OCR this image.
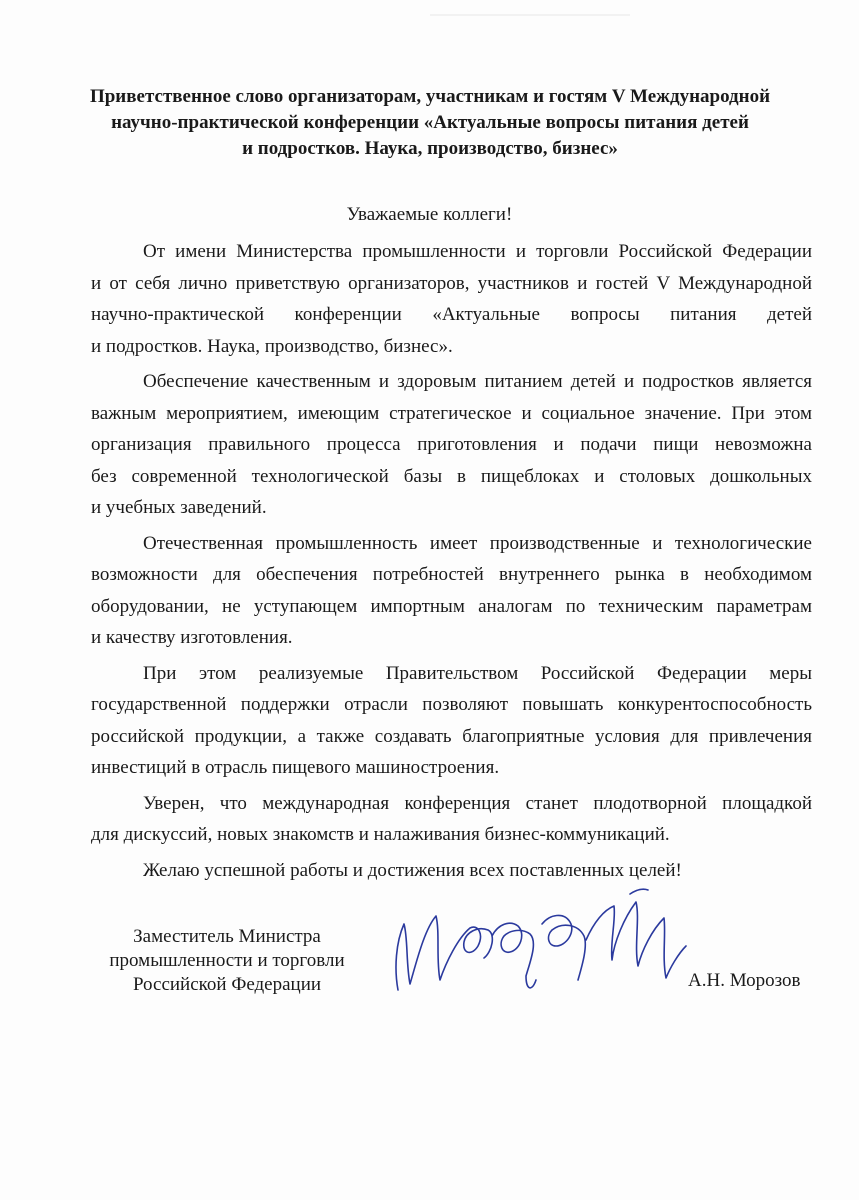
Приветственное слово организаторам, участникам и гостям V Международной
научно-практической конференции «Актуальные вопросы питания детей
и подростков. Наука, производство, бизнес»
Уважаемые коллеги!
От имени Министерства промышленности и торговли Российской Федерации
и от себя лично приветствую организаторов, участников и гостей V Международной
научно-практической конференции «Актуальные вопросы питания детей
и подростков. Наука, производство, бизнес».
Обеспечение качественным и здоровым питанием детей и подростков является
важным мероприятием, имеющим стратегическое и социальное значение. При этом
организация правильного процесса приготовления и подачи пищи невозможна
без современной технологической базы в пищеблоках и столовых дошкольных
и учебных заведений.
Отечественная промышленность имеет производственные и технологические
возможности для обеспечения потребностей внутреннего рынка в необходимом
оборудовании, не уступающем импортным аналогам по техническим параметрам
и качеству изготовления.
При этом реализуемые Правительством Российской Федерации меры
государственной поддержки отрасли позволяют повышать конкурентоспособность
российской продукции, а также создавать благоприятные условия для привлечения
инвестиций в отрасль пищевого машиностроения.
Уверен, что международная конференция станет плодотворной площадкой
для дискуссий, новых знакомств и налаживания бизнес-коммуникаций.
Желаю успешной работы и достижения всех поставленных целей!
Заместитель Министра
промышленности и торговли
Российской Федерации	А.Н. Морозов
